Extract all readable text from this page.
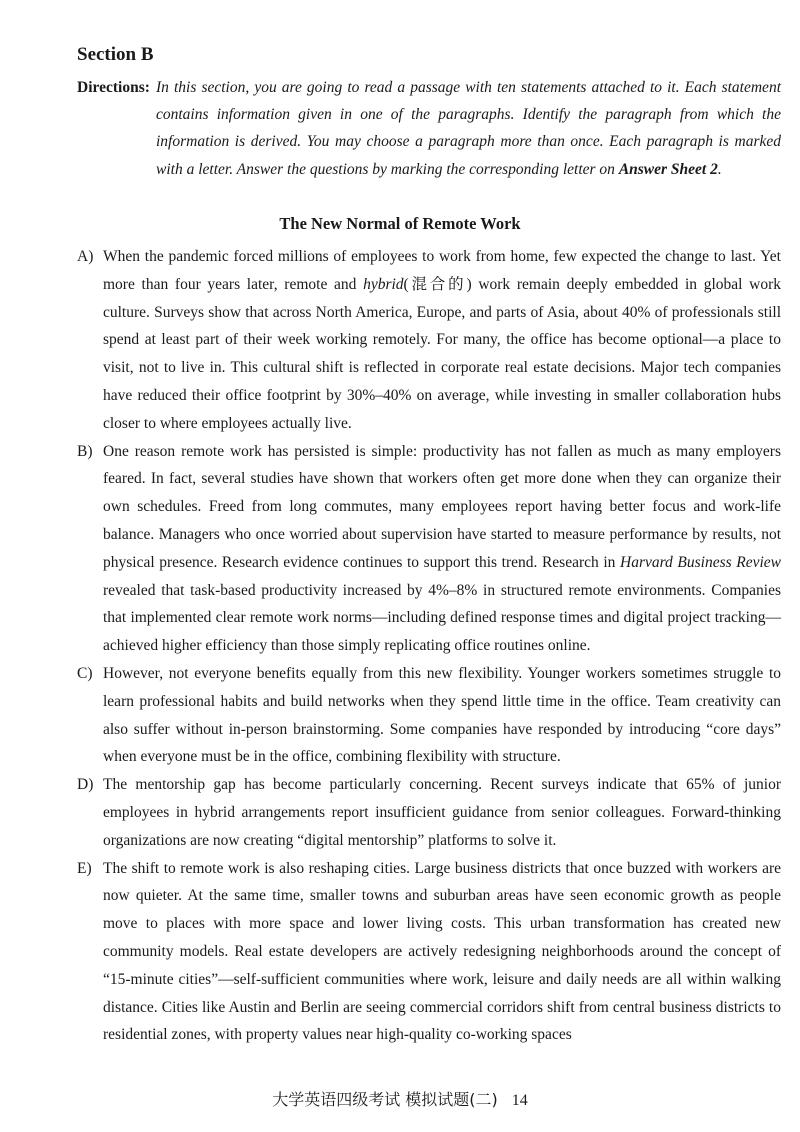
Section B
Directions: In this section, you are going to read a passage with ten statements attached to it. Each statement contains information given in one of the paragraphs. Identify the paragraph from which the information is derived. You may choose a paragraph more than once. Each paragraph is marked with a letter. Answer the questions by marking the corresponding letter on Answer Sheet 2.
The New Normal of Remote Work
A) When the pandemic forced millions of employees to work from home, few expected the change to last. Yet more than four years later, remote and hybrid(混合的) work remain deeply embedded in global work culture. Surveys show that across North America, Europe, and parts of Asia, about 40% of professionals still spend at least part of their week working remotely. For many, the office has become optional—a place to visit, not to live in. This cultural shift is reflected in corporate real estate decisions. Major tech companies have reduced their office footprint by 30%–40% on average, while investing in smaller collaboration hubs closer to where employees actually live.
B) One reason remote work has persisted is simple: productivity has not fallen as much as many employers feared. In fact, several studies have shown that workers often get more done when they can organize their own schedules. Freed from long commutes, many employees report having better focus and work-life balance. Managers who once worried about supervision have started to measure performance by results, not physical presence. Research evidence continues to support this trend. Research in Harvard Business Review revealed that task-based productivity increased by 4%–8% in structured remote environments. Companies that implemented clear remote work norms—including defined response times and digital project tracking—achieved higher efficiency than those simply replicating office routines online.
C) However, not everyone benefits equally from this new flexibility. Younger workers sometimes struggle to learn professional habits and build networks when they spend little time in the office. Team creativity can also suffer without in-person brainstorming. Some companies have responded by introducing “core days” when everyone must be in the office, combining flexibility with structure.
D) The mentorship gap has become particularly concerning. Recent surveys indicate that 65% of junior employees in hybrid arrangements report insufficient guidance from senior colleagues. Forward-thinking organizations are now creating “digital mentorship” platforms to solve it.
E) The shift to remote work is also reshaping cities. Large business districts that once buzzed with workers are now quieter. At the same time, smaller towns and suburban areas have seen economic growth as people move to places with more space and lower living costs. This urban transformation has created new community models. Real estate developers are actively redesigning neighborhoods around the concept of “15-minute cities”—self-sufficient communities where work, leisure and daily needs are all within walking distance. Cities like Austin and Berlin are seeing commercial corridors shift from central business districts to residential zones, with property values near high-quality co-working spaces
大学英语四级考试 模拟试题(二) 14
